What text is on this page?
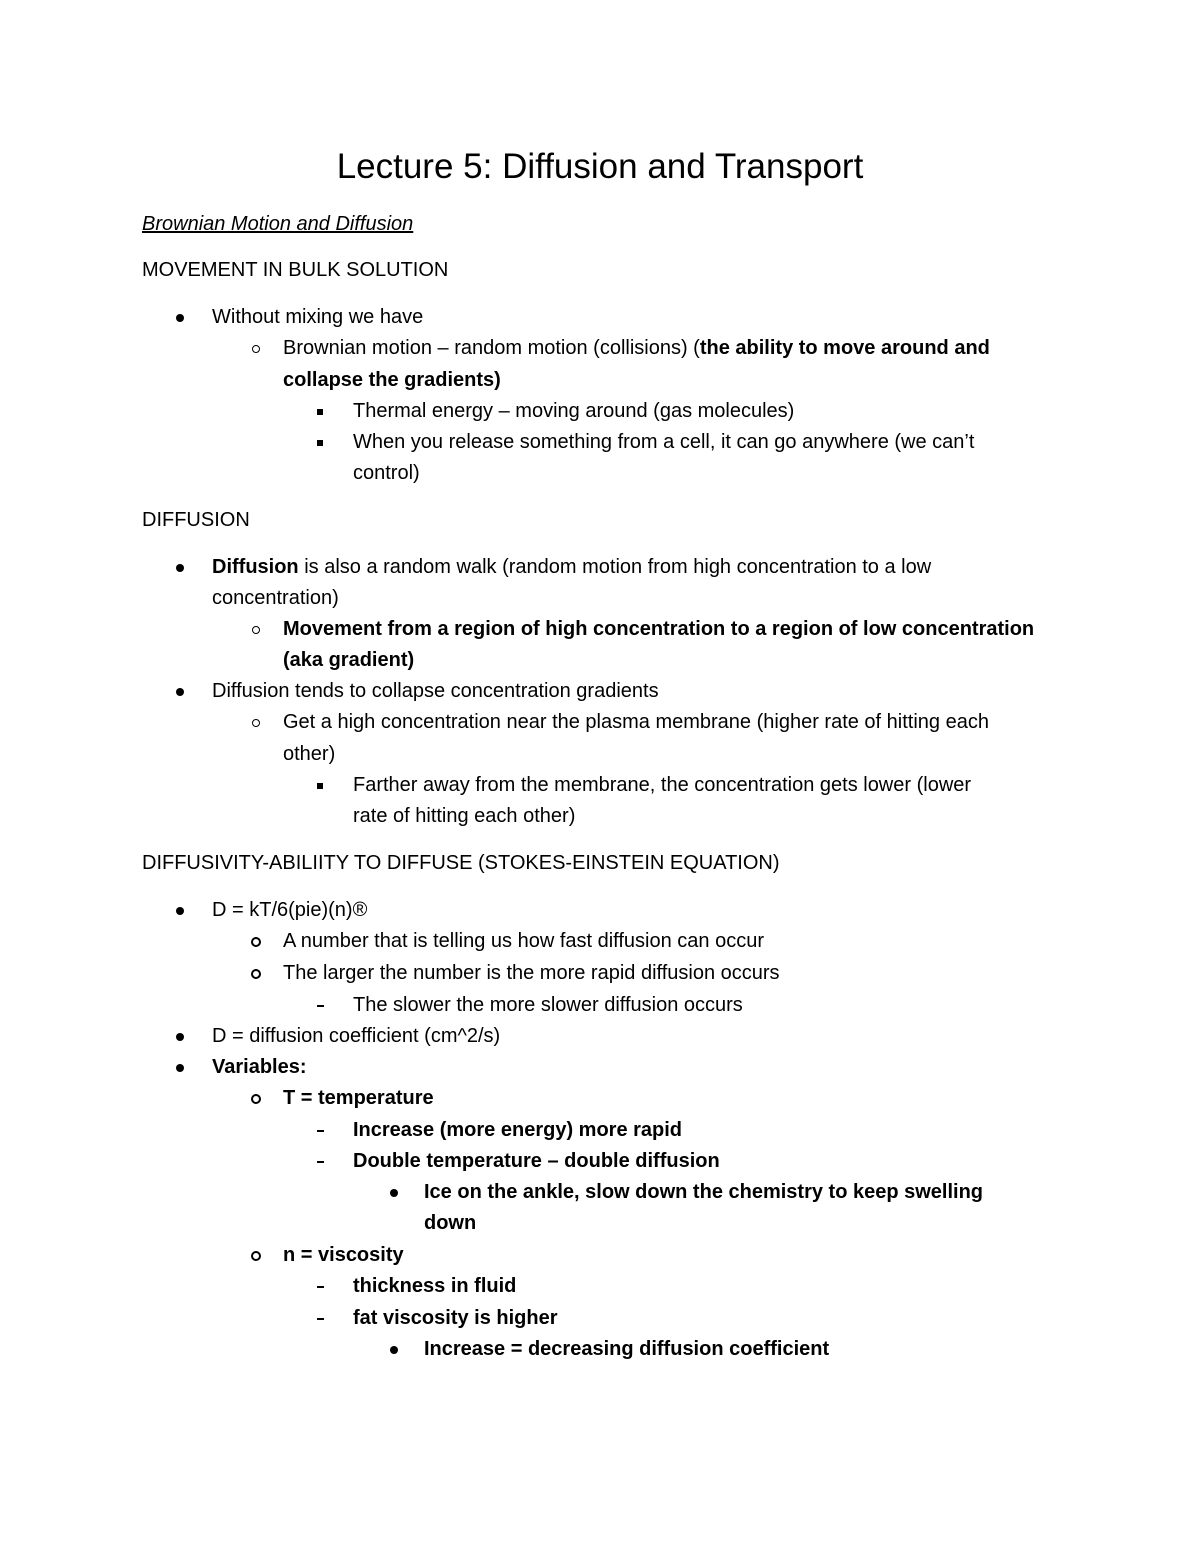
Lecture 5: Diffusion and Transport
Brownian Motion and Diffusion
MOVEMENT IN BULK SOLUTION
Without mixing we have
Brownian motion – random motion (collisions) (the ability to move around and
collapse the gradients)
Thermal energy – moving around (gas molecules)
When you release something from a cell, it can go anywhere (we can’t
control)
DIFFUSION
Diffusion is also a random walk (random motion from high concentration to a low
concentration)
Movement from a region of high concentration to a region of low concentration
(aka gradient)
Diffusion tends to collapse concentration gradients
Get a high concentration near the plasma membrane (higher rate of hitting each
other)
Farther away from the membrane, the concentration gets lower (lower
rate of hitting each other)
DIFFUSIVITY-ABILIITY TO DIFFUSE (STOKES-EINSTEIN EQUATION)
D = kT/6(pie)(n)®
A number that is telling us how fast diffusion can occur
The larger the number is the more rapid diffusion occurs
The slower the more slower diffusion occurs
D = diffusion coefficient (cm^2/s)
Variables:
T = temperature
Increase (more energy) more rapid
Double temperature – double diffusion
Ice on the ankle, slow down the chemistry to keep swelling
down
n = viscosity
thickness in fluid
fat viscosity is higher
Increase = decreasing diffusion coefficient
